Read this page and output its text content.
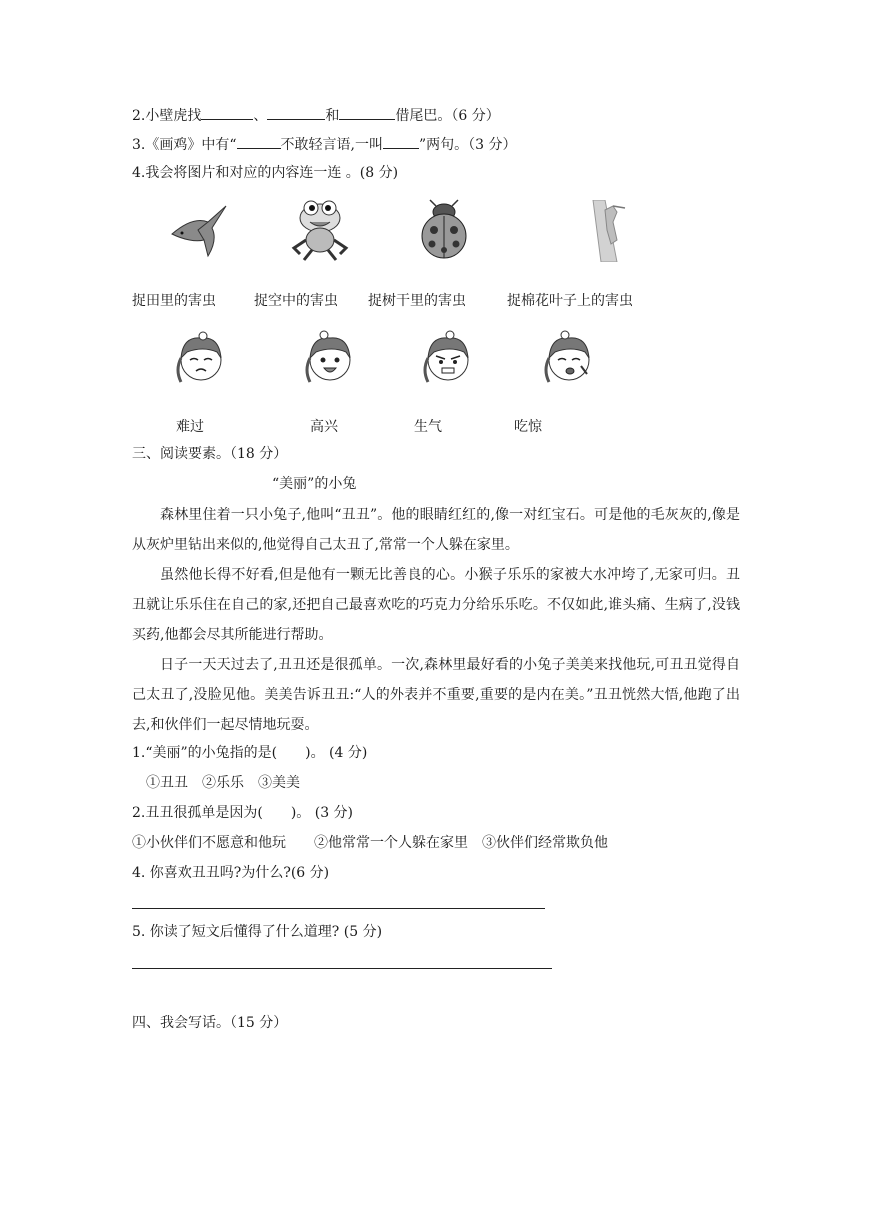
2.小壁虎找	、	和	借尾巴。（6 分）
3.《画鸡》中有“	不敢轻言语,一叫	”两句。（3 分）
4.我会将图片和对应的内容连一连 。(8 分)
捉田里的害虫	捉空中的害虫 捉树干里的害虫	捉棉花叶子上的害虫
难过	高兴	生气	吃惊
三、阅读要素。（18 分）
“美丽”的小兔
森林里住着一只小兔子,他叫“丑丑”。他的眼睛红红的,像一对红宝石。可是他的毛灰灰的,像是从灰炉里钻出来似的,他觉得自己太丑了,常常一个人躲在家里。
虽然他长得不好看,但是他有一颗无比善良的心。小猴子乐乐的家被大水冲垮了,无家可归。丑丑就让乐乐住在自己的家,还把自己最喜欢吃的巧克力分给乐乐吃。不仅如此,谁头痛、生病了,没钱买药,他都会尽其所能进行帮助。
日子一天天过去了,丑丑还是很孤单。一次,森林里最好看的小兔子美美来找他玩,可丑丑觉得自己太丑了,没脸见他。美美告诉丑丑:“人的外表并不重要,重要的是内在美。”丑丑恍然大悟,他跑了出去,和伙伴们一起尽情地玩耍。
1.“美丽”的小兔指的是(　　)。 (4 分)
①丑丑　②乐乐　③美美
2.丑丑很孤单是因为(　　)。 (3 分)
①小伙伴们不愿意和他玩　　②他常常一个人躲在家里　③伙伴们经常欺负他
4. 你喜欢丑丑吗?为什么?(6 分)
5. 你读了短文后懂得了什么道理? (5 分)
四、我会写话。（15 分）
